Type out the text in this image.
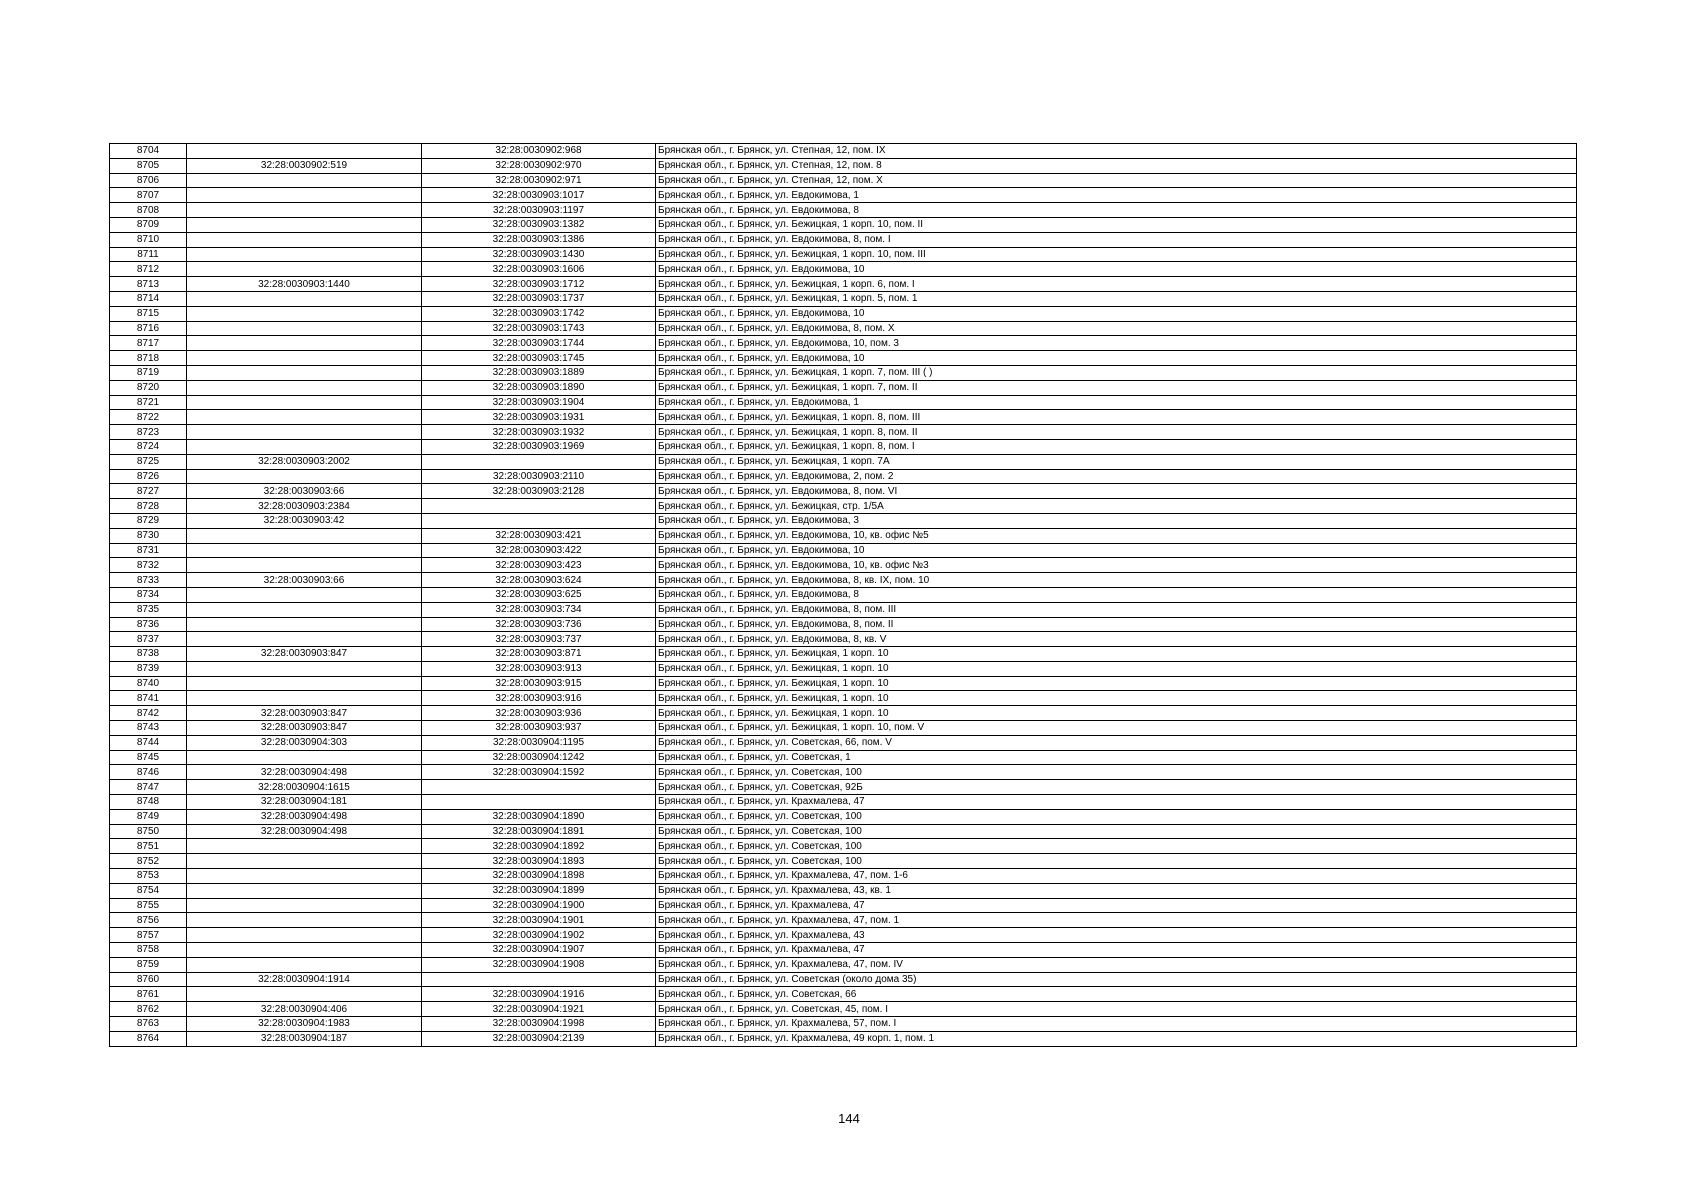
8704		32:28:0030902:968	Брянская обл., г. Брянск, ул. Степная, 12, пом. IX
8705	32:28:0030902:519	32:28:0030902:970	Брянская обл., г. Брянск, ул. Степная, 12, пом. 8
8706		32:28:0030902:971	Брянская обл., г. Брянск, ул. Степная, 12, пом. X
8707		32:28:0030903:1017	Брянская обл., г. Брянск, ул. Евдокимова, 1
8708		32:28:0030903:1197	Брянская обл., г. Брянск, ул. Евдокимова, 8
8709		32:28:0030903:1382	Брянская обл., г. Брянск, ул. Бежицкая, 1 корп. 10, пом. II
8710		32:28:0030903:1386	Брянская обл., г. Брянск, ул. Евдокимова, 8, пом. I
8711		32:28:0030903:1430	Брянская обл., г. Брянск, ул. Бежицкая, 1 корп. 10, пом. III
8712		32:28:0030903:1606	Брянская обл., г. Брянск, ул. Евдокимова, 10
8713	32:28:0030903:1440	32:28:0030903:1712	Брянская обл., г. Брянск, ул. Бежицкая, 1 корп. 6, пом. I
8714		32:28:0030903:1737	Брянская обл., г. Брянск, ул. Бежицкая, 1 корп. 5, пом. 1
8715		32:28:0030903:1742	Брянская обл., г. Брянск, ул. Евдокимова, 10
8716		32:28:0030903:1743	Брянская обл., г. Брянск, ул. Евдокимова, 8, пом. X
8717		32:28:0030903:1744	Брянская обл., г. Брянск, ул. Евдокимова, 10, пом. 3
8718		32:28:0030903:1745	Брянская обл., г. Брянск, ул. Евдокимова, 10
8719		32:28:0030903:1889	Брянская обл., г. Брянск, ул. Бежицкая, 1 корп. 7, пом. III ( )
8720		32:28:0030903:1890	Брянская обл., г. Брянск, ул. Бежицкая, 1 корп. 7, пом. II
8721		32:28:0030903:1904	Брянская обл., г. Брянск, ул. Евдокимова, 1
8722		32:28:0030903:1931	Брянская обл., г. Брянск, ул. Бежицкая, 1 корп. 8, пом. III
8723		32:28:0030903:1932	Брянская обл., г. Брянск, ул. Бежицкая, 1 корп. 8, пом. II
8724		32:28:0030903:1969	Брянская обл., г. Брянск, ул. Бежицкая, 1 корп. 8, пом. I
8725	32:28:0030903:2002		Брянская обл., г. Брянск, ул. Бежицкая, 1 корп. 7А
8726		32:28:0030903:2110	Брянская обл., г. Брянск, ул. Евдокимова, 2, пом. 2
8727	32:28:0030903:66	32:28:0030903:2128	Брянская обл., г. Брянск, ул. Евдокимова, 8, пом. VI
8728	32:28:0030903:2384		Брянская обл., г. Брянск, ул. Бежицкая, стр. 1/5А
8729	32:28:0030903:42		Брянская обл., г. Брянск, ул. Евдокимова, 3
8730		32:28:0030903:421	Брянская обл., г. Брянск, ул. Евдокимова, 10, кв. офис №5
8731		32:28:0030903:422	Брянская обл., г. Брянск, ул. Евдокимова, 10
8732		32:28:0030903:423	Брянская обл., г. Брянск, ул. Евдокимова, 10, кв. офис №3
8733	32:28:0030903:66	32:28:0030903:624	Брянская обл., г. Брянск, ул. Евдокимова, 8, кв. IX, пом. 10
8734		32:28:0030903:625	Брянская обл., г. Брянск, ул. Евдокимова, 8
8735		32:28:0030903:734	Брянская обл., г. Брянск, ул. Евдокимова, 8, пом. III
8736		32:28:0030903:736	Брянская обл., г. Брянск, ул. Евдокимова, 8, пом. II
8737		32:28:0030903:737	Брянская обл., г. Брянск, ул. Евдокимова, 8, кв. V
8738	32:28:0030903:847	32:28:0030903:871	Брянская обл., г. Брянск, ул. Бежицкая, 1 корп. 10
8739		32:28:0030903:913	Брянская обл., г. Брянск, ул. Бежицкая, 1 корп. 10
8740		32:28:0030903:915	Брянская обл., г. Брянск, ул. Бежицкая, 1 корп. 10
8741		32:28:0030903:916	Брянская обл., г. Брянск, ул. Бежицкая, 1 корп. 10
8742	32:28:0030903:847	32:28:0030903:936	Брянская обл., г. Брянск, ул. Бежицкая, 1 корп. 10
8743	32:28:0030903:847	32:28:0030903:937	Брянская обл., г. Брянск, ул. Бежицкая, 1 корп. 10, пом. V
8744	32:28:0030904:303	32:28:0030904:1195	Брянская обл., г. Брянск, ул. Советская, 66, пом. V
8745		32:28:0030904:1242	Брянская обл., г. Брянск, ул. Советская, 1
8746	32:28:0030904:498	32:28:0030904:1592	Брянская обл., г. Брянск, ул. Советская, 100
8747	32:28:0030904:1615		Брянская обл., г. Брянск, ул. Советская, 92Б
8748	32:28:0030904:181		Брянская обл., г. Брянск, ул. Крахмалева, 47
8749	32:28:0030904:498	32:28:0030904:1890	Брянская обл., г. Брянск, ул. Советская, 100
8750	32:28:0030904:498	32:28:0030904:1891	Брянская обл., г. Брянск, ул. Советская, 100
8751		32:28:0030904:1892	Брянская обл., г. Брянск, ул. Советская, 100
8752		32:28:0030904:1893	Брянская обл., г. Брянск, ул. Советская, 100
8753		32:28:0030904:1898	Брянская обл., г. Брянск, ул. Крахмалева, 47, пом. 1-6
8754		32:28:0030904:1899	Брянская обл., г. Брянск, ул. Крахмалева, 43, кв. 1
8755		32:28:0030904:1900	Брянская обл., г. Брянск, ул. Крахмалева, 47
8756		32:28:0030904:1901	Брянская обл., г. Брянск, ул. Крахмалева, 47, пом. 1
8757		32:28:0030904:1902	Брянская обл., г. Брянск, ул. Крахмалева, 43
8758		32:28:0030904:1907	Брянская обл., г. Брянск, ул. Крахмалева, 47
8759		32:28:0030904:1908	Брянская обл., г. Брянск, ул. Крахмалева, 47, пом. IV
8760	32:28:0030904:1914		Брянская обл., г. Брянск, ул. Советская (около дома 35)
8761		32:28:0030904:1916	Брянская обл., г. Брянск, ул. Советская, 66
8762	32:28:0030904:406	32:28:0030904:1921	Брянская обл., г. Брянск, ул. Советская, 45, пом. I
8763	32:28:0030904:1983	32:28:0030904:1998	Брянская обл., г. Брянск, ул. Крахмалева, 57, пом. I
8764	32:28:0030904:187	32:28:0030904:2139	Брянская обл., г. Брянск, ул. Крахмалева, 49 корп. 1, пом. 1
144
